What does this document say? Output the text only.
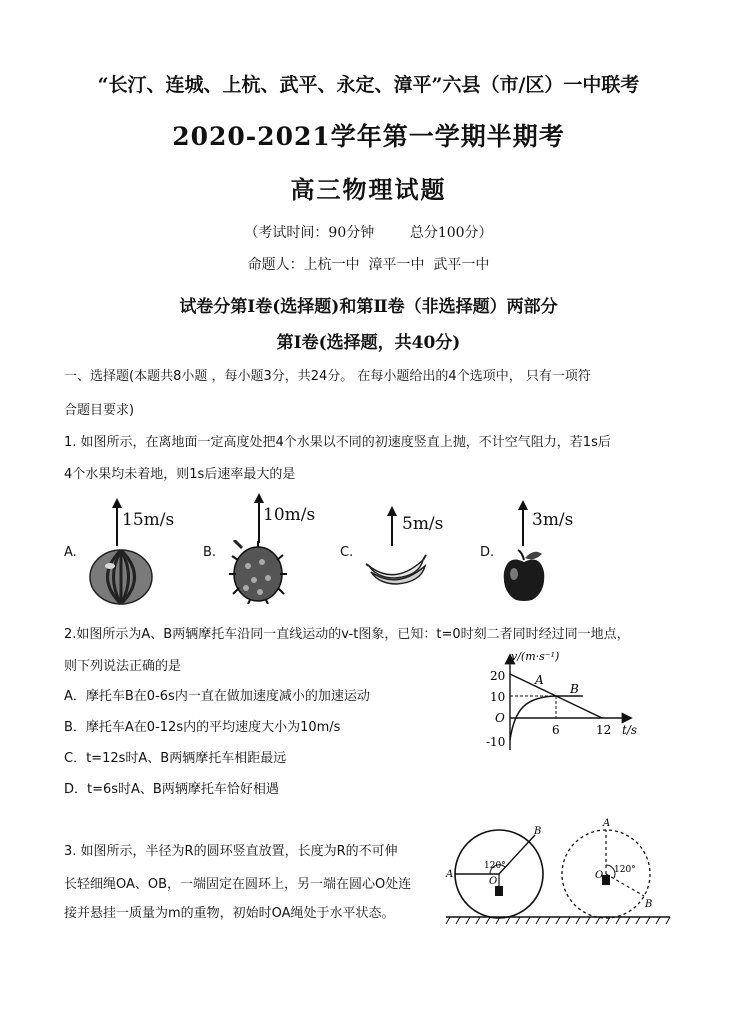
“长汀、连城、上杭、武平、永定、漳平”六县（市/区）一中联考
2020-2021学年第一学期半期考
高三物理试题
（考试时间：90分钟        总分100分）
命题人：上杭一中  漳平一中  武平一中
试卷分第Ⅰ卷(选择题)和第Ⅱ卷（非选择题）两部分
第Ⅰ卷(选择题，共40分)
一、选择题(本题共8小题 ，每小题3分，共24分。 在每小题给出的4个选项中， 只有一项符
合题目要求)
1. 如图所示，在离地面一定高度处把4个水果以不同的初速度竖直上抛，不计空气阻力，若1s后
4个水果均未着地，则1s后速率最大的是
A.
15m/s
B.
10m/s
C.
5m/s
D.
3m/s
2.如图所示为A、B两辆摩托车沿同一直线运动的v-t图象，已知：t=0时刻二者同时经过同一地点，
则下列说法正确的是
A．摩托车B在0-6s内一直在做加速度减小的加速运动
B．摩托车A在0-12s内的平均速度大小为10m/s
C．t=12s时A、B两辆摩托车相距最远
D．t=6s时A、B两辆摩托车恰好相遇
v/(m·s⁻¹)
t/s
20
10
O
-10
6	12
A
B
3. 如图所示，半径为R的圆环竖直放置，长度为R的不可伸
长轻细绳OA、OB，一端固定在圆环上，另一端在圆心O处连
接并悬挂一质量为m的重物，初始时OA绳处于水平状态。
120°
A
B
O
120°
A
B
O
